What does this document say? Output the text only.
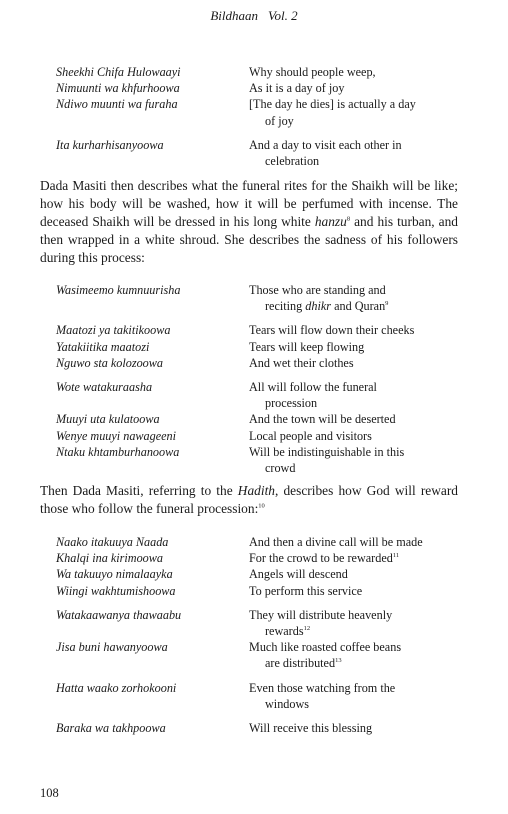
Bildhaan Vol. 2
Sheekhi Chifa Hulowaayi	Why should people weep,
Nimuunti wa khfurhoowa	As it is a day of joy
Ndiwo muunti wa furaha	[The day he dies] is actually a day
of joy
Ita kurharhisanyoowa	And a day to visit each other in
celebration

Dada Masiti then describes what the funeral rites for the Shaikh will be like; how his body will be washed, how it will be perfumed with incense. The deceased Shaikh will be dressed in his long white hanzu$^8$ and his turban, and then wrapped in a white shroud. She describes the sadness of his followers during this process:

Wasimeemo kumnuurisha	Those who are standing and
reciting dhikr and Quran$^9$
Maatozi ya takitikoowa	Tears will flow down their cheeks
Yatakiitika maatozi	Tears will keep flowing
Nguwo sta kolozoowa	And wet their clothes
Wote watakuraasha	All will follow the funeral
procession
Muuyi uta kulatoowa	And the town will be deserted
Wenye muuyi nawageeni	Local people and visitors
Ntaku khtamburhanoowa	Will be indistinguishable in this
crowd

Then Dada Masiti, referring to the Hadith, describes how God will reward those who follow the funeral procession:$^{10}$

Naako itakuuya Naada	And then a divine call will be made
Khalqi ina kirimoowa	For the crowd to be rewarded$^{11}$
Wa takuuyo nimalaayka	Angels will descend
Wiingi wakhtumishoowa	To perform this service
Watakaawanya thawaabu	They will distribute heavenly
rewards$^{12}$
Jisa buni hawanyoowa	Much like roasted coffee beans
are distributed$^{13}$
Hatta waako zorhokooni	Even those watching from the
windows
Baraka wa takhpoowa	Will receive this blessing
108
